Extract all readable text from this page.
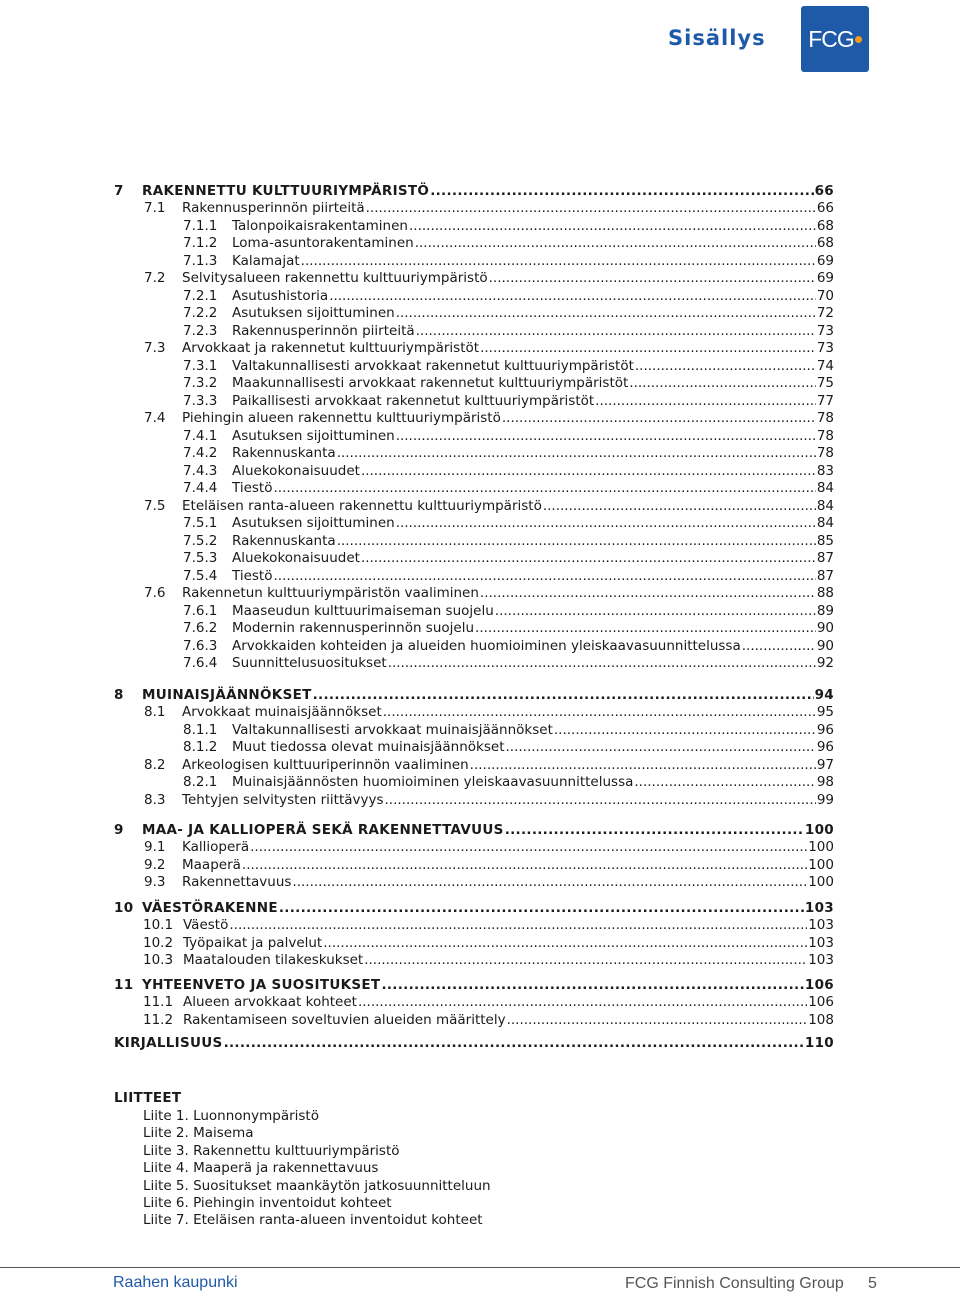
Sisällys FCG
7	RAKENNETTU KULTTUURIYMPÄRISTÖ .....	66
7.1	Rakennusperinnön piirteitä .....	66
7.1.1	Talonpoikaisrakentaminen .....	68
7.1.2	Loma-asuntorakentaminen .....	68
7.1.3	Kalamajat .....	69
7.2	Selvitysalueen rakennettu kulttuuriympäristö .....	69
7.2.1	Asutushistoria .....	70
7.2.2	Asutuksen sijoittuminen .....	72
7.2.3	Rakennusperinnön piirteitä .....	73
7.3	Arvokkaat ja rakennetut kulttuuriympäristöt .....	73
7.3.1	Valtakunnallisesti arvokkaat rakennetut kulttuuriympäristöt .....	74
7.3.2	Maakunnallisesti arvokkaat rakennetut kulttuuriympäristöt .....	75
7.3.3	Paikallisesti arvokkaat rakennetut kulttuuriympäristöt .....	77
7.4	Piehingin alueen rakennettu kulttuuriympäristö .....	78
7.4.1	Asutuksen sijoittuminen .....	78
7.4.2	Rakennuskanta .....	78
7.4.3	Aluekokonaisuudet .....	83
7.4.4	Tiestö .....	84
7.5	Eteläisen ranta-alueen rakennettu kulttuuriympäristö .....	84
7.5.1	Asutuksen sijoittuminen .....	84
7.5.2	Rakennuskanta .....	85
7.5.3	Aluekokonaisuudet .....	87
7.5.4	Tiestö .....	87
7.6	Rakennetun kulttuuriympäristön vaaliminen .....	88
7.6.1	Maaseudun kulttuurimaiseman suojelu .....	89
7.6.2	Modernin rakennusperinnön suojelu .....	90
7.6.3	Arvokkaiden kohteiden ja alueiden huomioiminen yleiskaavasuunnittelussa .....	90
7.6.4	Suunnittelusuositukset .....	92
8	MUINAISJÄÄNNÖKSET .....	94
8.1	Arvokkaat muinaisjäännökset .....	95
8.1.1	Valtakunnallisesti arvokkaat muinaisjäännökset .....	96
8.1.2	Muut tiedossa olevat muinaisjäännökset .....	96
8.2	Arkeologisen kulttuuriperinnön vaaliminen .....	97
8.2.1	Muinaisjäännösten huomioiminen yleiskaavasuunnittelussa .....	98
8.3	Tehtyjen selvitysten riittävyys .....	99
9	MAA- JA KALLIOPERÄ SEKÄ RAKENNETTAVUUS .....	100
9.1	Kallioperä .....	100
9.2	Maaperä .....	100
9.3	Rakennettavuus .....	100
10 VÄESTÖRAKENNE .....	103
10.1 Väestö .....	103
10.2 Työpaikat ja palvelut .....	103
10.3 Maatalouden tilakeskukset .....	103
11 YHTEENVETO JA SUOSITUKSET .....	106
11.1 Alueen arvokkaat kohteet .....	106
11.2 Rakentamiseen soveltuvien alueiden määrittely .....	108
KIRJALLISUUS .....	110
LIITTEET
Liite 1. Luonnonympäristö
Liite 2. Maisema
Liite 3. Rakennettu kulttuuriympäristö
Liite 4. Maaperä ja rakennettavuus
Liite 5. Suositukset maankäytön jatkosuunnitteluun
Liite 6. Piehingin inventoidut kohteet
Liite 7. Eteläisen ranta-alueen inventoidut kohteet
Raahen kaupunki	FCG Finnish Consulting Group 5
